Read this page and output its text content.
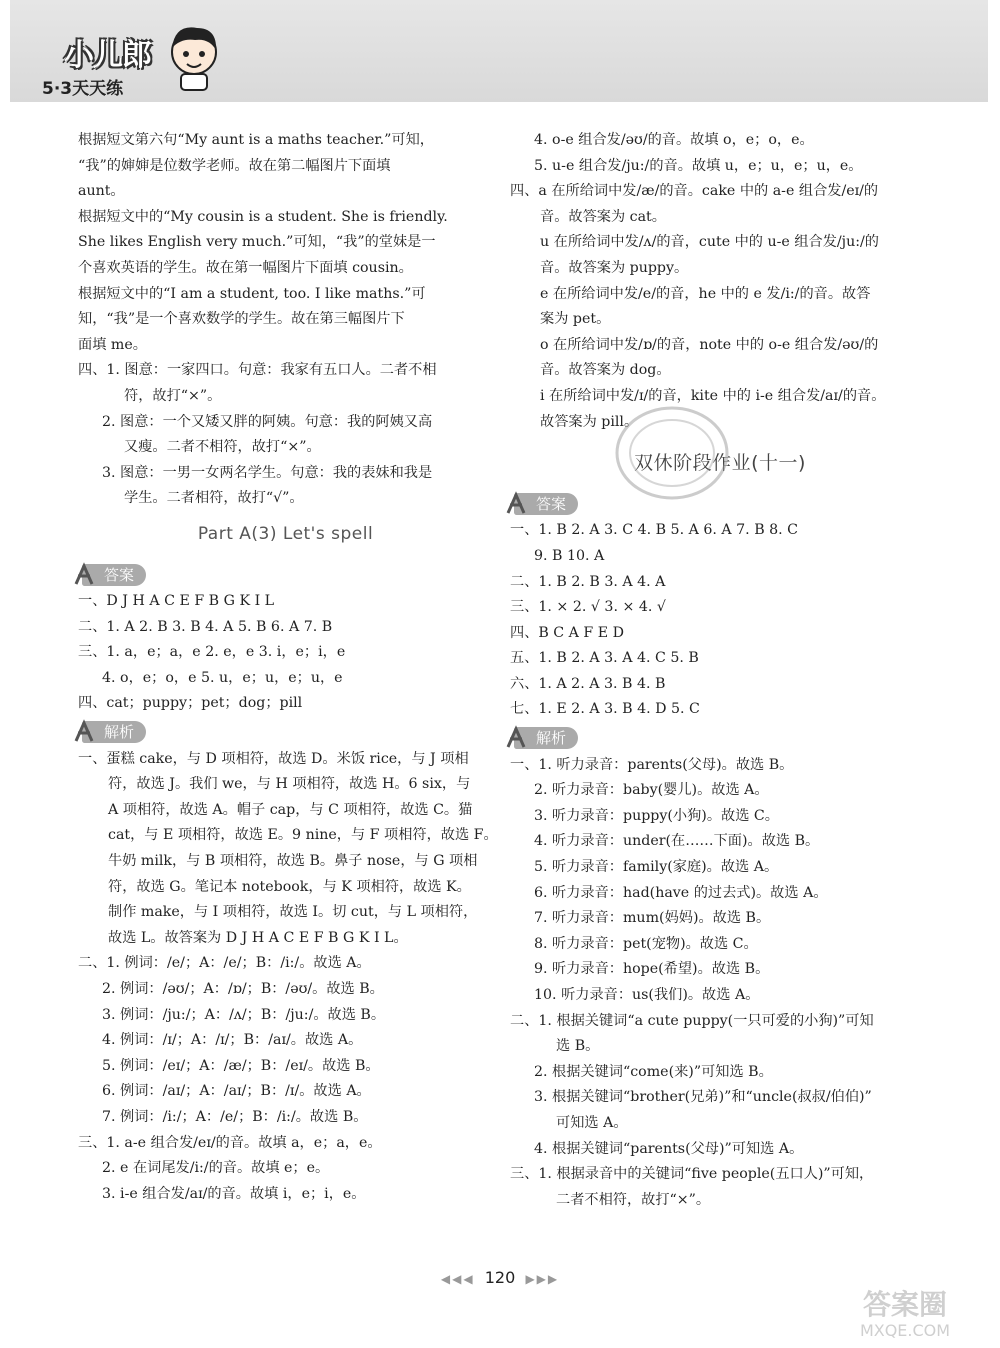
小儿郎
5·3天天练
根据短文第六句“My aunt is a maths teacher.”可知，
“我”的婶婶是位数学老师。故在第二幅图片下面填
aunt。
根据短文中的“My cousin is a student. She is friendly.
She likes English very much.”可知，“我”的堂妹是一
个喜欢英语的学生。故在第一幅图片下面填 cousin。
根据短文中的“I am a student, too. I like maths.”可
知，“我”是一个喜欢数学的学生。故在第三幅图片下
面填 me。
四、1. 图意：一家四口。句意：我家有五口人。二者不相
符，故打“×”。
2. 图意：一个又矮又胖的阿姨。句意：我的阿姨又高
又瘦。二者不相符，故打“×”。
3. 图意：一男一女两名学生。句意：我的表妹和我是
学生。二者相符，故打“√”。
Part A(3) Let's spell
答案
一、D J H A C E F B G K I L
二、1. A 2. B 3. B 4. A 5. B 6. A 7. B
三、1. a，e；a，e 2. e，e 3. i，e；i，e
4. o，e；o，e 5. u，e；u，e；u，e
四、cat；puppy；pet；dog；pill
解析
一、蛋糕 cake，与 D 项相符，故选 D。米饭 rice，与 J 项相
符，故选 J。我们 we，与 H 项相符，故选 H。6 six，与
A 项相符，故选 A。帽子 cap，与 C 项相符，故选 C。猫
cat，与 E 项相符，故选 E。9 nine，与 F 项相符，故选 F。
牛奶 milk，与 B 项相符，故选 B。鼻子 nose，与 G 项相
符，故选 G。笔记本 notebook，与 K 项相符，故选 K。
制作 make，与 I 项相符，故选 I。切 cut，与 L 项相符，
故选 L。故答案为 D J H A C E F B G K I L。
二、1. 例词：/e/；A：/e/；B：/i:/。故选 A。
2. 例词：/əʊ/；A：/ɒ/；B：/əʊ/。故选 B。
3. 例词：/ju:/；A：/ʌ/；B：/ju:/。故选 B。
4. 例词：/ɪ/；A：/ɪ/；B：/aɪ/。故选 A。
5. 例词：/eɪ/；A：/æ/；B：/eɪ/。故选 B。
6. 例词：/aɪ/；A：/aɪ/；B：/ɪ/。故选 A。
7. 例词：/i:/；A：/e/；B：/i:/。故选 B。
三、1. a-e 组合发/eɪ/的音。故填 a，e；a，e。
2. e 在词尾发/i:/的音。故填 e；e。
3. i-e 组合发/aɪ/的音。故填 i，e；i，e。
4. o-e 组合发/əʊ/的音。故填 o，e；o，e。
5. u-e 组合发/ju:/的音。故填 u，e；u，e；u，e。
四、a 在所给词中发/æ/的音。cake 中的 a-e 组合发/eɪ/的
音。故答案为 cat。
u 在所给词中发/ʌ/的音，cute 中的 u-e 组合发/ju:/的
音。故答案为 puppy。
e 在所给词中发/e/的音，he 中的 e 发/i:/的音。故答
案为 pet。
o 在所给词中发/ɒ/的音，note 中的 o-e 组合发/əʊ/的
音。故答案为 dog。
i 在所给词中发/ɪ/的音，kite 中的 i-e 组合发/aɪ/的音。
故答案为 pill。
双休阶段作业(十一)
答案
一、1. B 2. A 3. C 4. B 5. A 6. A 7. B 8. C
9. B 10. A
二、1. B 2. B 3. A 4. A
三、1. × 2. √ 3. × 4. √
四、B C A F E D
五、1. B 2. A 3. A 4. C 5. B
六、1. A 2. A 3. B 4. B
七、1. E 2. A 3. B 4. D 5. C
解析
一、1. 听力录音：parents(父母)。故选 B。
2. 听力录音：baby(婴儿)。故选 A。
3. 听力录音：puppy(小狗)。故选 C。
4. 听力录音：under(在……下面)。故选 B。
5. 听力录音：family(家庭)。故选 A。
6. 听力录音：had(have 的过去式)。故选 A。
7. 听力录音：mum(妈妈)。故选 B。
8. 听力录音：pet(宠物)。故选 C。
9. 听力录音：hope(希望)。故选 B。
10. 听力录音：us(我们)。故选 A。
二、1. 根据关键词“a cute puppy(一只可爱的小狗)”可知
选 B。
2. 根据关键词“come(来)”可知选 B。
3. 根据关键词“brother(兄弟)”和“uncle(叔叔/伯伯)”
可知选 A。
4. 根据关键词“parents(父母)”可知选 A。
三、1. 根据录音中的关键词“five people(五口人)”可知，
二者不相符，故打“×”。
◀◀◀ 120 ▶▶▶
答案圈
MXQE.COM
